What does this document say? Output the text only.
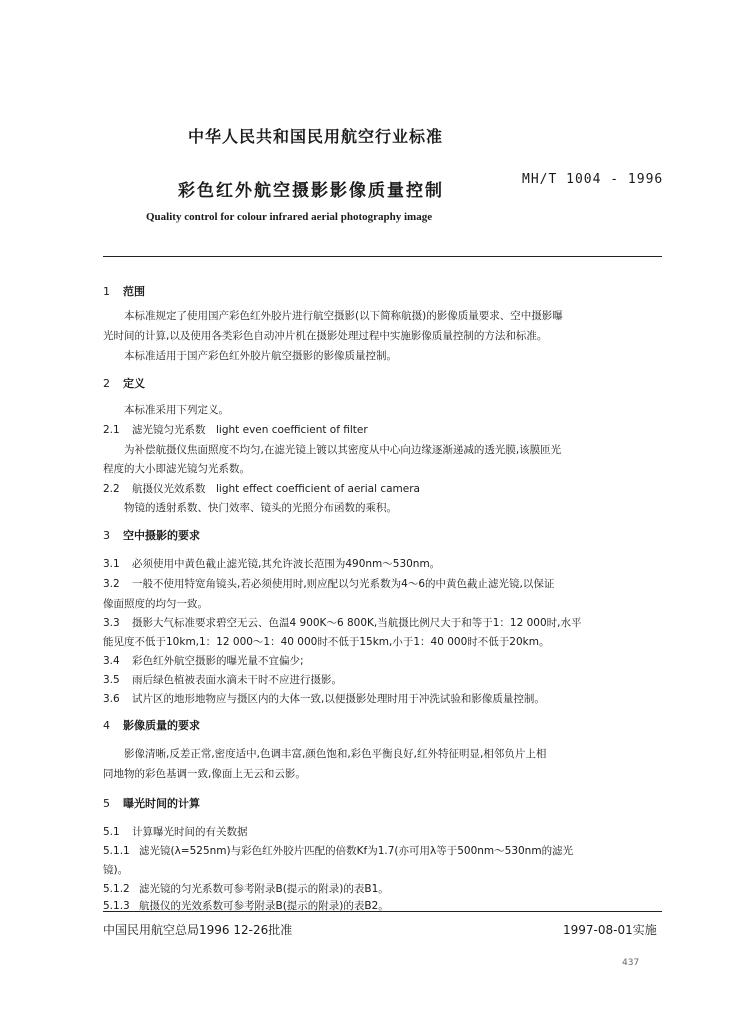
中华人民共和国民用航空行业标准
彩色红外航空摄影影像质量控制
MH/T 1004 - 1996
Quality control for colour infrared aerial photography image
1 范围
本标准规定了使用国产彩色红外胶片进行航空摄影(以下简称航摄)的影像质量要求、空中摄影曝
光时间的计算,以及使用各类彩色自动冲片机在摄影处理过程中实施影像质量控制的方法和标准。
本标准适用于国产彩色红外胶片航空摄影的影像质量控制。
2 定义
本标准采用下列定义。
2.1 滤光镜匀光系数　light even coefficient of filter
为补偿航摄仪焦面照度不均匀,在滤光镜上镀以其密度从中心向边缘逐渐递减的透光膜,该膜匝光
程度的大小即滤光镜匀光系数。
2.2 航摄仪光效系数　light effect coefficient of aerial camera
物镜的透射系数、快门效率、镜头的光照分布函数的乘积。
3 空中摄影的要求
3.1 必须使用中黄色截止滤光镜,其允许波长范围为490nm～530nm。
3.2 一般不使用特宽角镜头,若必须使用时,则应配以匀光系数为4～6的中黄色截止滤光镜,以保证
像面照度的均匀一致。
3.3 摄影大气标准要求碧空无云、色温4 900K～6 800K,当航摄比例尺大于和等于1：12 000时,水平
能见度不低于10km,1：12 000～1：40 000时不低于15km,小于1：40 000时不低于20km。
3.4 彩色红外航空摄影的曝光量不宜偏少;
3.5 雨后绿色植被表面水滴未干时不应进行摄影。
3.6 试片区的地形地物应与摄区内的大体一致,以便摄影处理时用于冲洗试验和影像质量控制。
4 影像质量的要求
影像清晰,反差正常,密度适中,色调丰富,颜色饱和,彩色平衡良好,红外特征明显,相邻负片上相
同地物的彩色基调一致,像面上无云和云影。
5 曝光时间的计算
5.1 计算曝光时间的有关数据
5.1.1 滤光镜(λ=525nm)与彩色红外胶片匹配的倍数Kf为1.7(亦可用λ等于500nm～530nm的滤光
镜)。
5.1.2 滤光镜的匀光系数可参考附录B(提示的附录)的表B1。
5.1.3 航摄仪的光效系数可参考附录B(提示的附录)的表B2。
中国民用航空总局1996 12-26批准	1997-08-01实施
437
